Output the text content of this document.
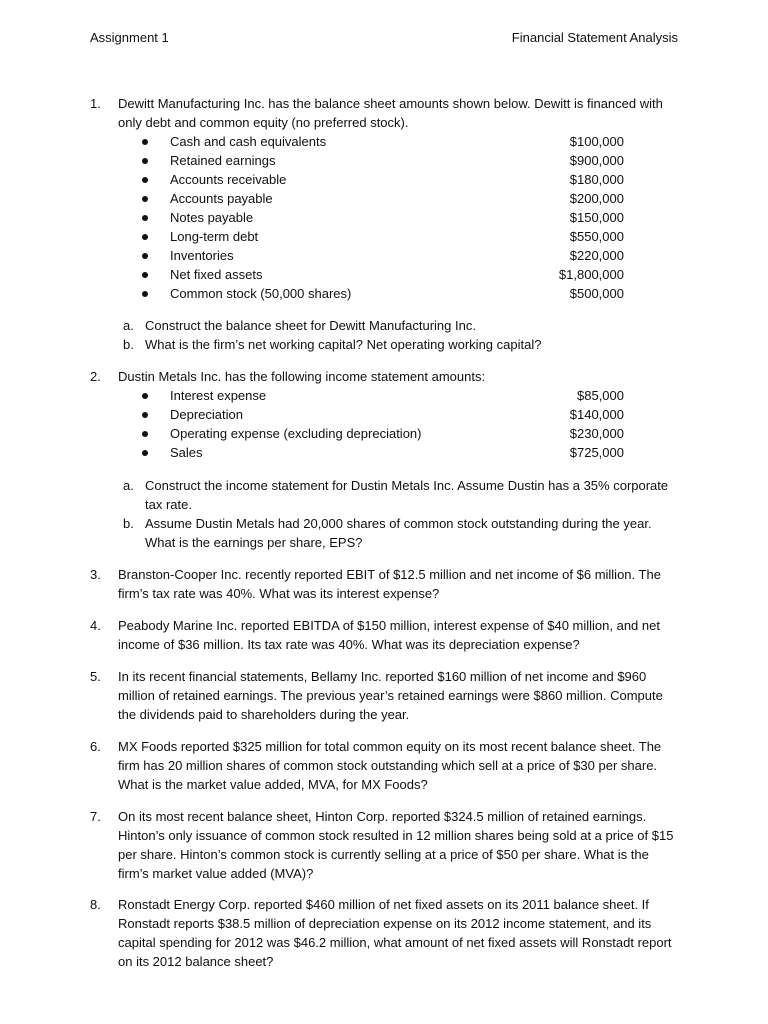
Assignment 1	Financial Statement Analysis
1.	Dewitt Manufacturing Inc. has the balance sheet amounts shown below. Dewitt is financed with only debt and common equity (no preferred stock).
Cash and cash equivalents	$100,000
Retained earnings	$900,000
Accounts receivable	$180,000
Accounts payable	$200,000
Notes payable	$150,000
Long-term debt	$550,000
Inventories	$220,000
Net fixed assets	$1,800,000
Common stock (50,000 shares)	$500,000
a. Construct the balance sheet for Dewitt Manufacturing Inc.
b. What is the firm’s net working capital? Net operating working capital?
2.	Dustin Metals Inc. has the following income statement amounts:
Interest expense	$85,000
Depreciation	$140,000
Operating expense (excluding depreciation)	$230,000
Sales	$725,000
a. Construct the income statement for Dustin Metals Inc. Assume Dustin has a 35% corporate tax rate.
b. Assume Dustin Metals had 20,000 shares of common stock outstanding during the year. What is the earnings per share, EPS?
3.	Branston-Cooper Inc. recently reported EBIT of $12.5 million and net income of $6 million. The firm’s tax rate was 40%. What was its interest expense?
4.	Peabody Marine Inc. reported EBITDA of $150 million, interest expense of $40 million, and net income of $36 million. Its tax rate was 40%. What was its depreciation expense?
5.	In its recent financial statements, Bellamy Inc. reported $160 million of net income and $960 million of retained earnings. The previous year’s retained earnings were $860 million. Compute the dividends paid to shareholders during the year.
6.	MX Foods reported $325 million for total common equity on its most recent balance sheet. The firm has 20 million shares of common stock outstanding which sell at a price of $30 per share. What is the market value added, MVA, for MX Foods?
7.	On its most recent balance sheet, Hinton Corp. reported $324.5 million of retained earnings. Hinton’s only issuance of common stock resulted in 12 million shares being sold at a price of $15 per share. Hinton’s common stock is currently selling at a price of $50 per share. What is the firm’s market value added (MVA)?
8.	Ronstadt Energy Corp. reported $460 million of net fixed assets on its 2011 balance sheet. If Ronstadt reports $38.5 million of depreciation expense on its 2012 income statement, and its capital spending for 2012 was $46.2 million, what amount of net fixed assets will Ronstadt report on its 2012 balance sheet?
